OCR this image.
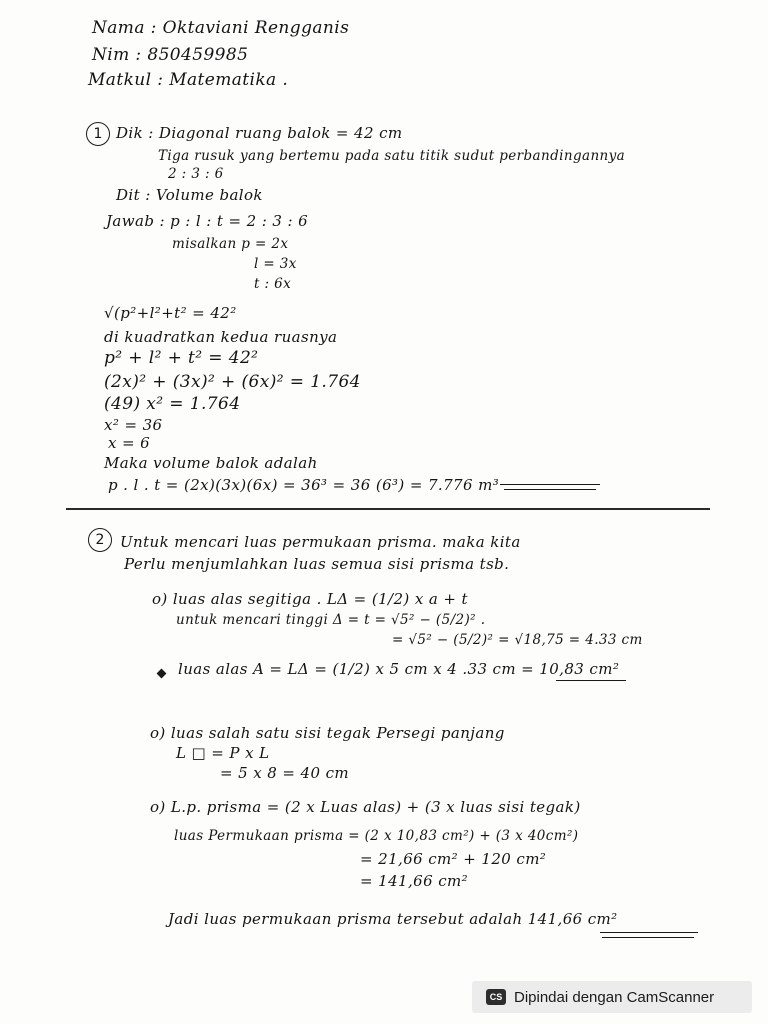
Nama : Oktaviani Rengganis
Nim : 850459985
Matkul : Matematika .
1 Dik : Diagonal ruang balok = 42 cm
Tiga rusuk yang bertemu pada satu titik sudut perbandingannya
2 : 3 : 6
Dit : Volume balok
Jawab : p : l : t = 2 : 3 : 6
misalkan p = 2x
l = 3x
t : 6x
√(p²+l²+t² = 42²
di kuadratkan kedua ruasnya
p² + l² + t² = 42²
(2x)² + (3x)² + (6x)² = 1.764
(49) x² = 1.764
x² = 36
x = 6
Maka volume balok adalah
p . l . t = (2x)(3x)(6x) = 36³ = 36 (6³) = 7.776 m³
2	Untuk mencari luas permukaan prisma. maka kita
Perlu menjumlahkan luas semua sisi prisma tsb.
o) luas alas segitiga . LΔ = (1/2) x a + t
untuk mencari tinggi Δ = t = √5² − (5/2)² .
= √5² − (5/2)² = √18,75 = 4.33 cm
luas alas A = LΔ = (1/2) x 5 cm x 4 .33 cm = 10,83 cm²
o) luas salah satu sisi tegak Persegi panjang
L □ = P x L
= 5 x 8 = 40 cm
o) L.p. prisma = (2 x Luas alas) + (3 x luas sisi tegak)
luas Permukaan prisma = (2 x 10,83 cm²) + (3 x 40cm²)
= 21,66 cm² + 120 cm²
= 141,66 cm²
Jadi luas permukaan prisma tersebut adalah 141,66 cm²
CS Dipindai dengan CamScanner
